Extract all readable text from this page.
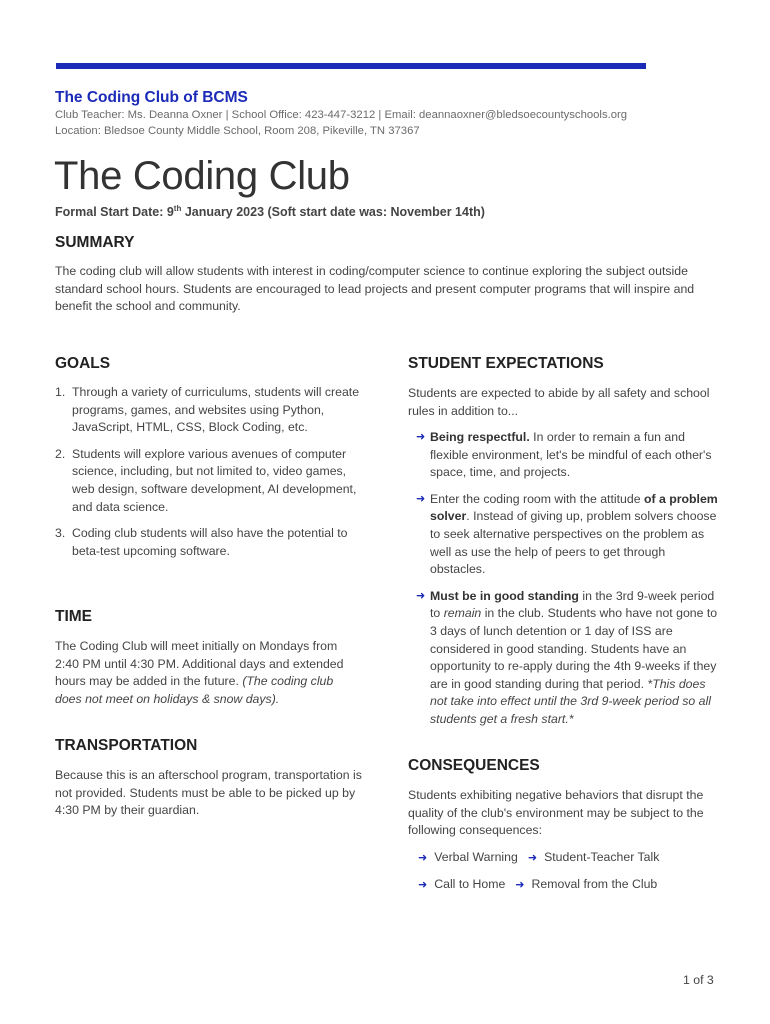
The Coding Club of BCMS
Club Teacher: Ms. Deanna Oxner | School Office: 423-447-3212 | Email: deannaoxner@bledsoecountyschools.org
Location: Bledsoe County Middle School, Room 208, Pikeville, TN 37367
The Coding Club
Formal Start Date: 9th January 2023 (Soft start date was: November 14th)
SUMMARY

The coding club will allow students with interest in coding/computer science to continue exploring the subject outside standard school hours. Students are encouraged to lead projects and present computer programs that will inspire and benefit the school and community.

GOALS
1. Through a variety of curriculums, students will create programs, games, and websites using Python, JavaScript, HTML, CSS, Block Coding, etc.
2. Students will explore various avenues of computer science, including, but not limited to, video games, web design, software development, AI development, and data science.
3. Coding club students will also have the potential to beta-test upcoming software.
TIME

The Coding Club will meet initially on Mondays from 2:40 PM until 4:30 PM. Additional days and extended hours may be added in the future. (The coding club does not meet on holidays & snow days).

TRANSPORTATION

Because this is an afterschool program, transportation is not provided. Students must be able to be picked up by 4:30 PM by their guardian.

STUDENT EXPECTATIONS

Students are expected to abide by all safety and school rules in addition to...

➜ Being respectful. In order to remain a fun and flexible environment, let's be mindful of each other's space, time, and projects.
➜ Enter the coding room with the attitude of a problem solver. Instead of giving up, problem solvers choose to seek alternative perspectives on the problem as well as use the help of peers to get through obstacles.
➜ Must be in good standing in the 3rd 9-week period to remain in the club. Students who have not gone to 3 days of lunch detention or 1 day of ISS are considered in good standing. Students have an opportunity to re-apply during the 4th 9-weeks if they are in good standing during that period. *This does not take into effect until the 3rd 9-week period so all students get a fresh start.*
CONSEQUENCES

Students exhibiting negative behaviors that disrupt the quality of the club's environment may be subject to the following consequences:

➜ Verbal Warning ➜ Student-Teacher Talk
➜ Call to Home ➜ Removal from the Club
1 of 3
